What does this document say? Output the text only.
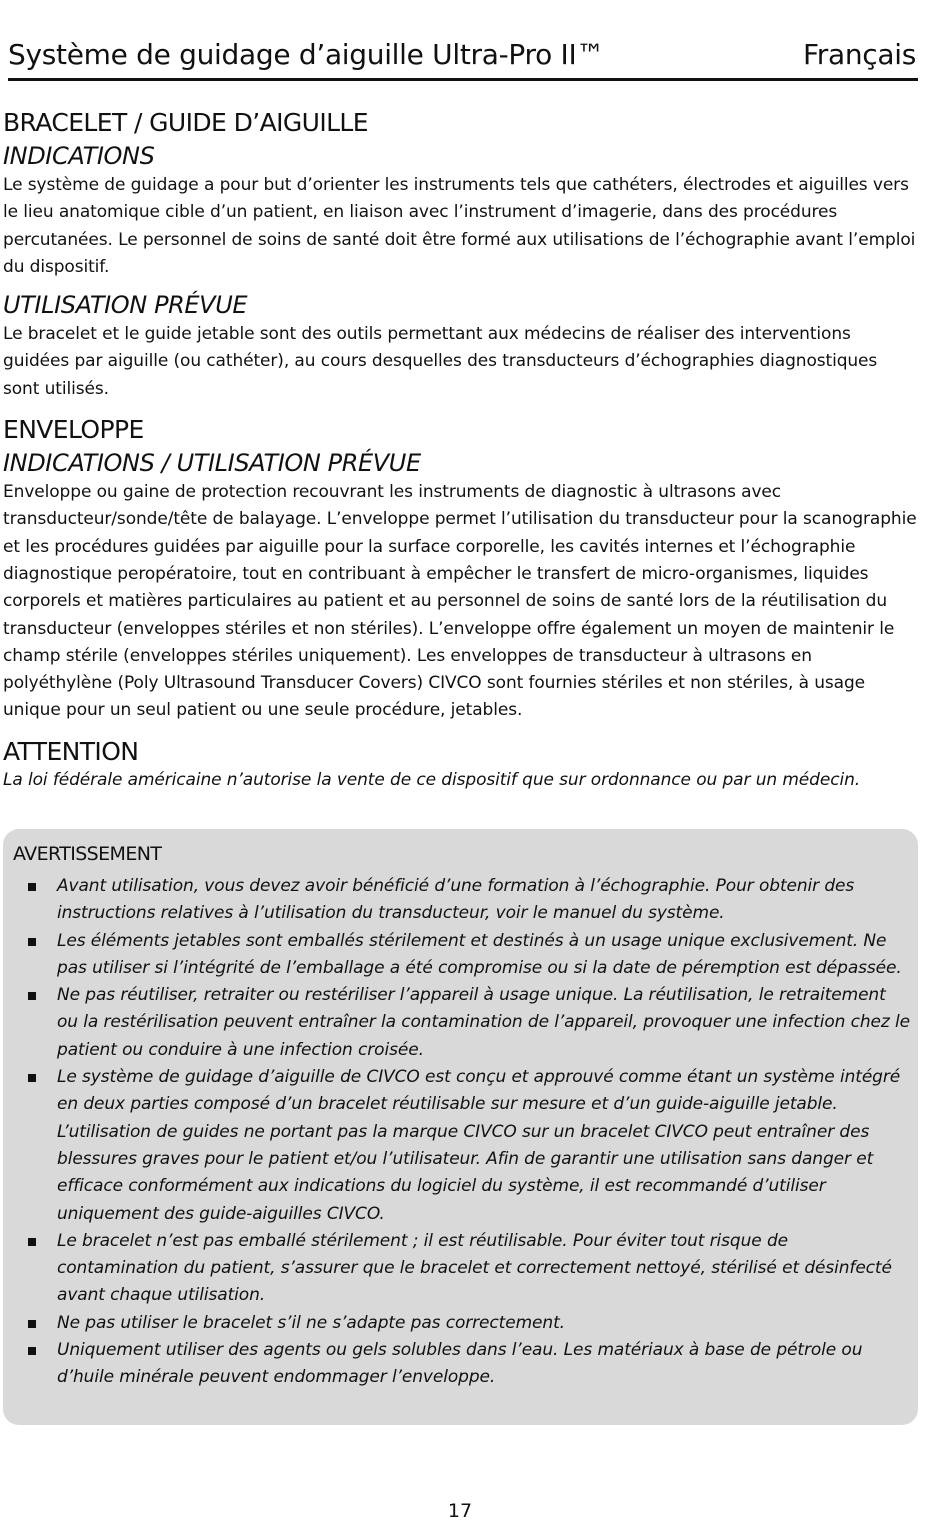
Système de guidage d’aiguille Ultra-Pro II™	Français
BRACELET / GUIDE D’AIGUILLE
INDICATIONS

Le système de guidage a pour but d’orienter les instruments tels que cathéters, électrodes et aiguilles vers le lieu anatomique cible d’un patient, en liaison avec l’instrument d’imagerie, dans des procédures percutanées. Le personnel de soins de santé doit être formé aux utilisations de l’échographie avant l’emploi du dispositif.

UTILISATION PRÉVUE

Le bracelet et le guide jetable sont des outils permettant aux médecins de réaliser des interventions guidées par aiguille (ou cathéter), au cours desquelles des transducteurs d’échographies diagnostiques sont utilisés.

ENVELOPPE
INDICATIONS / UTILISATION PRÉVUE

Enveloppe ou gaine de protection recouvrant les instruments de diagnostic à ultrasons avec transducteur/sonde/tête de balayage. L’enveloppe permet l’utilisation du transducteur pour la scanographie et les procédures guidées par aiguille pour la surface corporelle, les cavités internes et l’échographie diagnostique peropératoire, tout en contribuant à empêcher le transfert de micro-organismes, liquides corporels et matières particulaires au patient et au personnel de soins de santé lors de la réutilisation du transducteur (enveloppes stériles et non stériles). L’enveloppe offre également un moyen de maintenir le champ stérile (enveloppes stériles uniquement). Les enveloppes de transducteur à ultrasons en polyéthylène (Poly Ultrasound Transducer Covers) CIVCO sont fournies stériles et non stériles, à usage unique pour un seul patient ou une seule procédure, jetables.

ATTENTION

La loi fédérale américaine n’autorise la vente de ce dispositif que sur ordonnance ou par un médecin.

AVERTISSEMENT
Avant utilisation, vous devez avoir bénéficié d’une formation à l’échographie. Pour obtenir des instructions relatives à l’utilisation du transducteur, voir le manuel du système.
Les éléments jetables sont emballés stérilement et destinés à un usage unique exclusivement. Ne pas utiliser si l’intégrité de l’emballage a été compromise ou si la date de péremption est dépassée.
Ne pas réutiliser, retraiter ou restériliser l’appareil à usage unique. La réutilisation, le retraitement ou la restérilisation peuvent entraîner la contamination de l’appareil, provoquer une infection chez le patient ou conduire à une infection croisée.
Le système de guidage d’aiguille de CIVCO est conçu et approuvé comme étant un système intégré en deux parties composé d’un bracelet réutilisable sur mesure et d’un guide-aiguille jetable. L’utilisation de guides ne portant pas la marque CIVCO sur un bracelet CIVCO peut entraîner des blessures graves pour le patient et/ou l’utilisateur. Afin de garantir une utilisation sans danger et efficace conformément aux indications du logiciel du système, il est recommandé d’utiliser uniquement des guide-aiguilles CIVCO.
Le bracelet n’est pas emballé stérilement ; il est réutilisable. Pour éviter tout risque de contamination du patient, s’assurer que le bracelet et correctement nettoyé, stérilisé et désinfecté avant chaque utilisation.
Ne pas utiliser le bracelet s’il ne s’adapte pas correctement.
Uniquement utiliser des agents ou gels solubles dans l’eau. Les matériaux à base de pétrole ou d’huile minérale peuvent endommager l’enveloppe.
17
